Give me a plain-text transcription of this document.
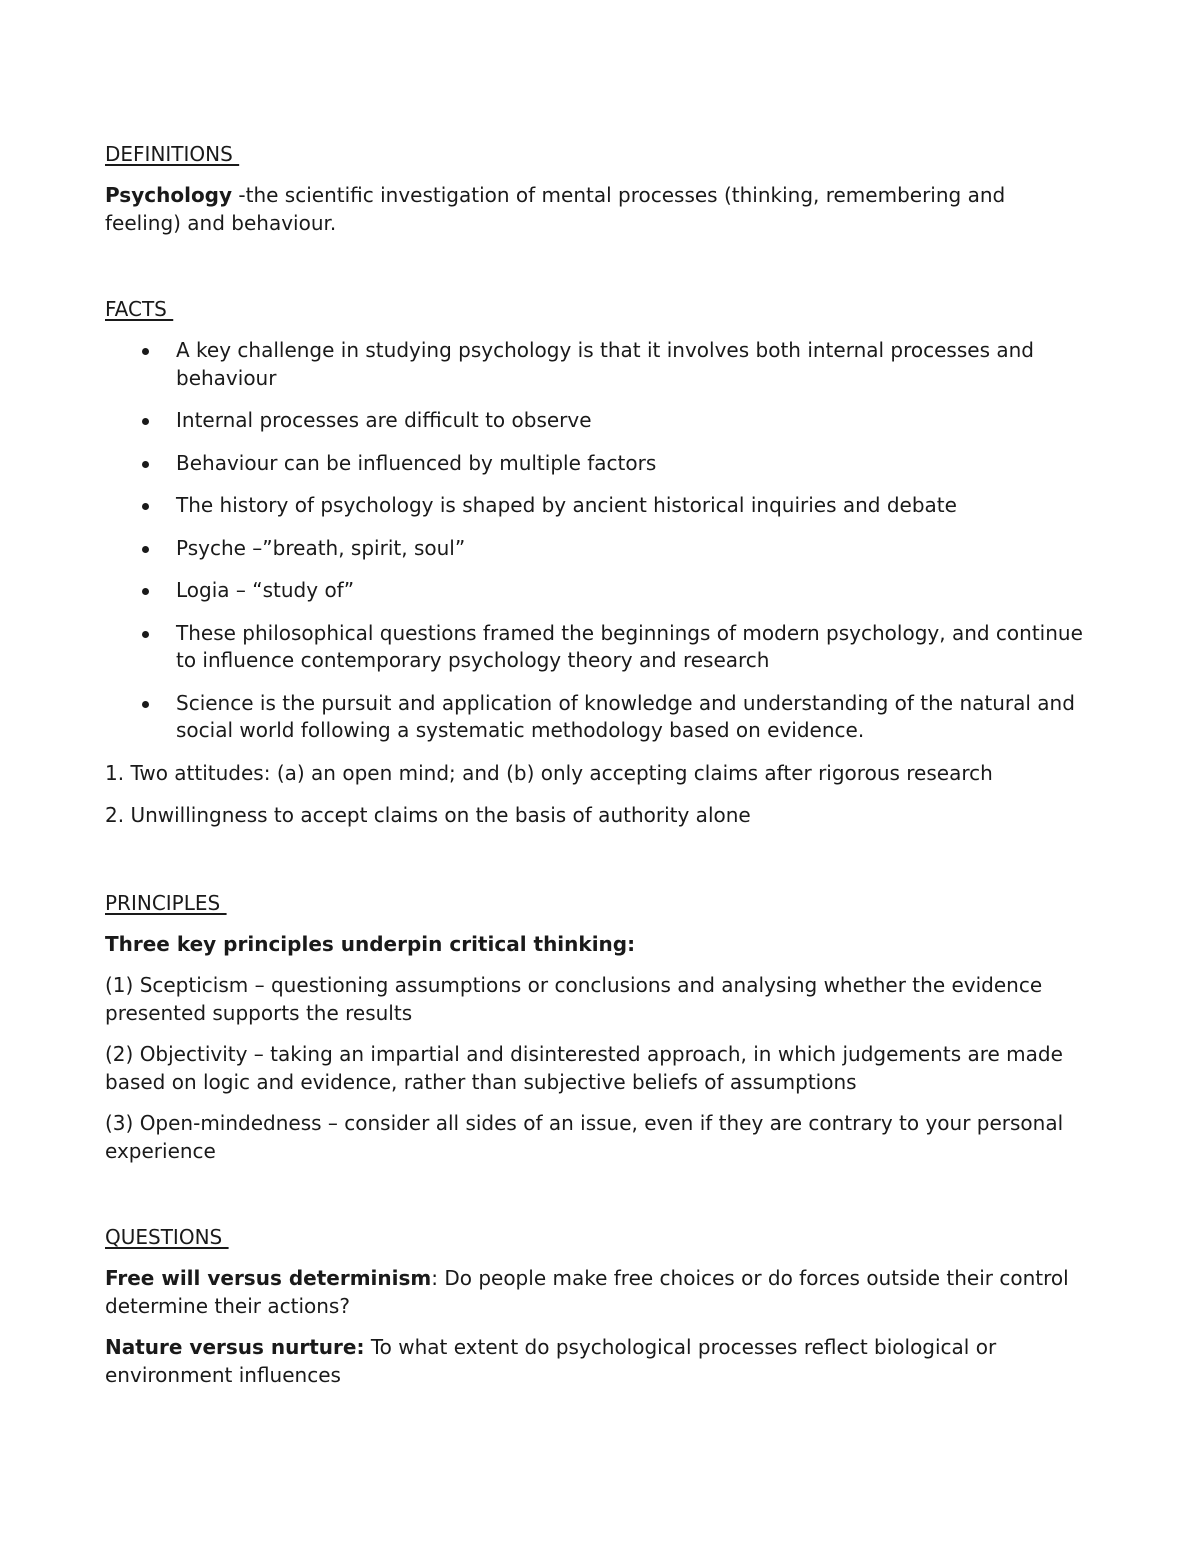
DEFINITIONS

Psychology -the scientific investigation of mental processes (thinking, remembering and feeling) and behaviour.

FACTS
A key challenge in studying psychology is that it involves both internal processes and behaviour
Internal processes are difficult to observe
Behaviour can be influenced by multiple factors
The history of psychology is shaped by ancient historical inquiries and debate
Psyche –”breath, spirit, soul”
Logia – “study of”
These philosophical questions framed the beginnings of modern psychology, and continue to influence contemporary psychology theory and research
Science is the pursuit and application of knowledge and understanding of the natural and social world following a systematic methodology based on evidence.

1. Two attitudes: (a) an open mind; and (b) only accepting claims after rigorous research

2. Unwillingness to accept claims on the basis of authority alone

PRINCIPLES

Three key principles underpin critical thinking:

(1) Scepticism – questioning assumptions or conclusions and analysing whether the evidence presented supports the results

(2) Objectivity – taking an impartial and disinterested approach, in which judgements are made based on logic and evidence, rather than subjective beliefs of assumptions

(3) Open-mindedness – consider all sides of an issue, even if they are contrary to your personal experience

QUESTIONS

Free will versus determinism: Do people make free choices or do forces outside their control determine their actions?

Nature versus nurture: To what extent do psychological processes reflect biological or environment influences
